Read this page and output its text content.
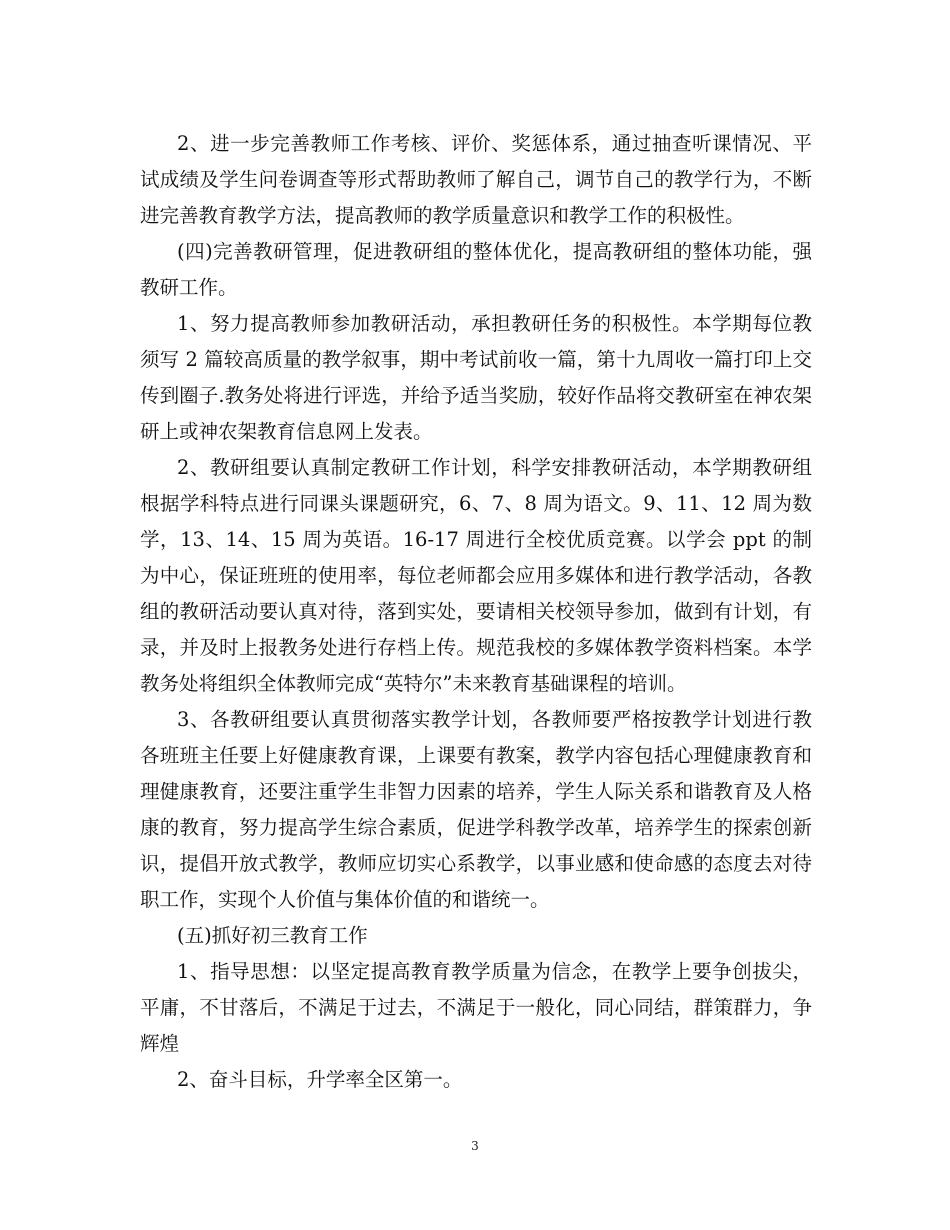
2、进一步完善教师工作考核、评价、奖惩体系，通过抽查听课情况、平
试成绩及学生问卷调查等形式帮助教师了解自己，调节自己的教学行为，不断
进完善教育教学方法，提高教师的教学质量意识和教学工作的积极性。
(四)完善教研管理，促进教研组的整体优化，提高教研组的整体功能，强
教研工作。
1、努力提高教师参加教研活动，承担教研任务的积极性。本学期每位教
须写 2 篇较高质量的教学叙事，期中考试前收一篇，第十九周收一篇打印上交
传到圈子.教务处将进行评选，并给予适当奖励，较好作品将交教研室在神农架
研上或神农架教育信息网上发表。
2、教研组要认真制定教研工作计划，科学安排教研活动，本学期教研组
根据学科特点进行同课头课题研究，6、7、8 周为语文。9、11、12 周为数
学，13、14、15 周为英语。16-17 周进行全校优质竞赛。以学会 ppt 的制
为中心，保证班班的使用率，每位老师都会应用多媒体和进行教学活动，各教
组的教研活动要认真对待，落到实处，要请相关校领导参加，做到有计划，有
录，并及时上报教务处进行存档上传。规范我校的多媒体教学资料档案。本学
教务处将组织全体教师完成“英特尔”未来教育基础课程的培训。
3、各教研组要认真贯彻落实教学计划，各教师要严格按教学计划进行教
各班班主任要上好健康教育课，上课要有教案，教学内容包括心理健康教育和
理健康教育，还要注重学生非智力因素的培养，学生人际关系和谐教育及人格
康的教育，努力提高学生综合素质，促进学科教学改革，培养学生的探索创新
识，提倡开放式教学，教师应切实心系教学，以事业感和使命感的态度去对待
职工作，实现个人价值与集体价值的和谐统一。
(五)抓好初三教育工作
1、指导思想：以坚定提高教育教学质量为信念，在教学上要争创拔尖，
平庸，不甘落后，不满足于过去，不满足于一般化，同心同结，群策群力，争
辉煌
2、奋斗目标，升学率全区第一。
3
